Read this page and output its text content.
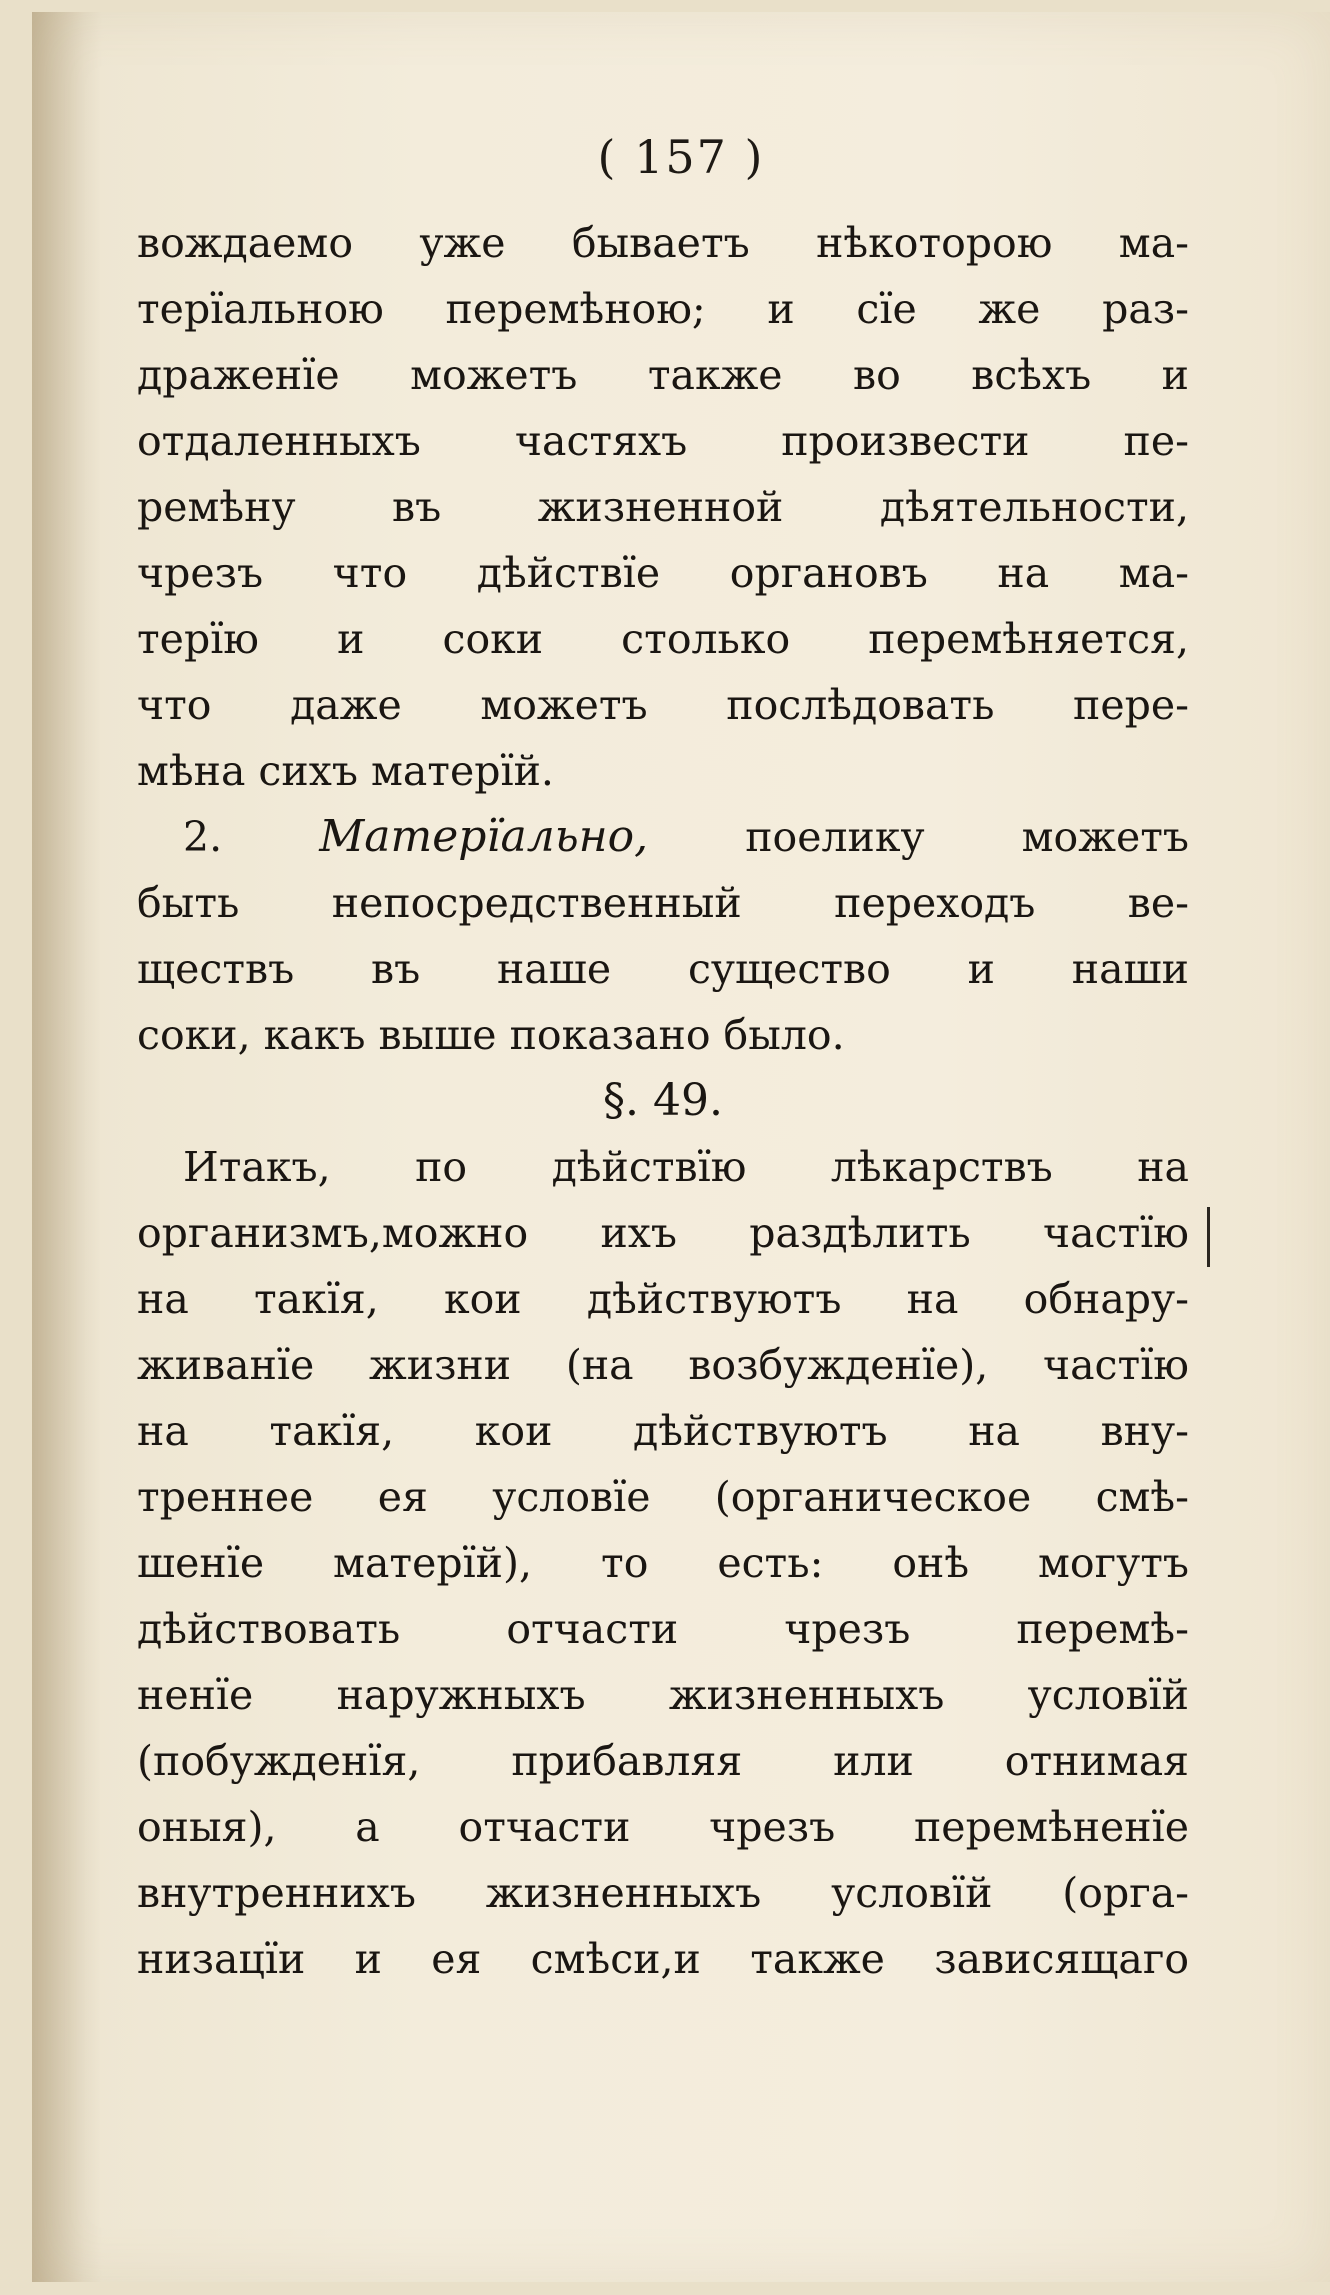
( 157 )
вождаемо уже бываетъ нѣкоторою ма-
терїальною перемѣною; и сїе же раз-
драженїе можетъ также во всѣхъ и
отдаленныхъ частяхъ произвести пе-
ремѣну въ жизненной дѣятельности,
чрезъ что дѣйствїе органовъ на ма-
терїю и соки столько перемѣняется,
что даже можетъ послѣдовать пере-
мѣна сихъ матерїй.
2. Матерїально, поелику можетъ
быть непосредственный переходъ ве-
ществъ въ наше существо и наши
соки, какъ выше показано было.
§. 49.
Итакъ, по дѣйствїю лѣкарствъ на
организмъ,можно ихъ раздѣлить частїю
на такїя, кои дѣйствуютъ на обнару-
живанїе жизни (на возбужденїе), частїю
на такїя, кои дѣйствуютъ на вну-
треннее ея условїе (органическое смѣ-
шенїе матерїй), то есть: онѣ могутъ
дѣйствовать отчасти чрезъ перемѣ-
ненїе наружныхъ жизненныхъ условїй
(побужденїя, прибавляя или отнимая
оныя), а отчасти чрезъ перемѣненїе
внутреннихъ жизненныхъ условїй (орга-
низацїи и ея смѣси,и также зависящаго
